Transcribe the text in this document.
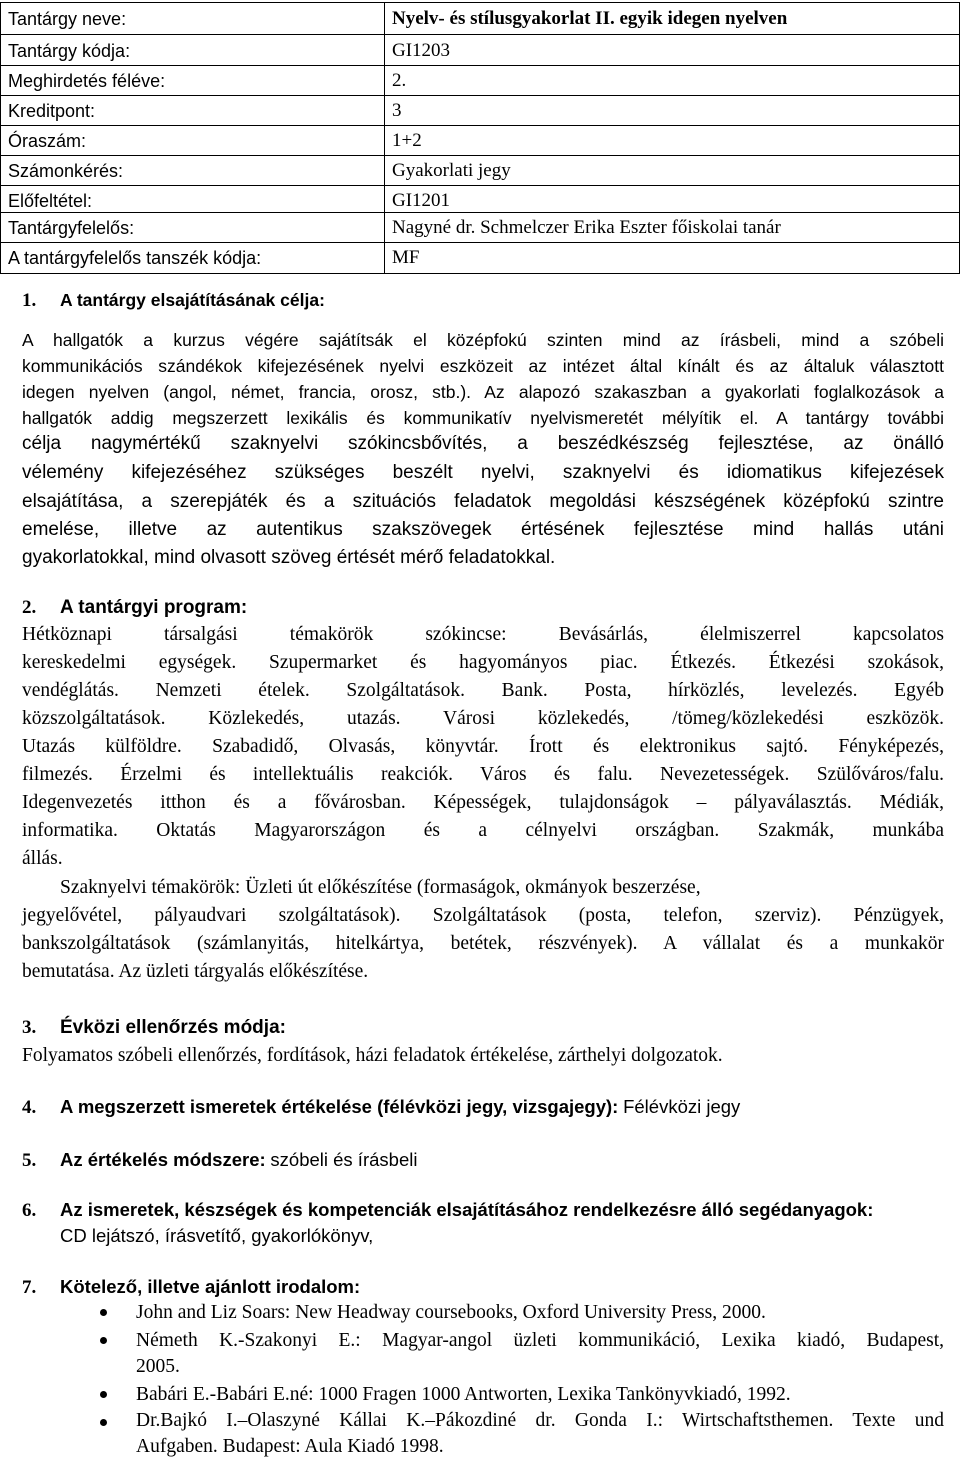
Tantárgy neve:	Nyelv- és stílusgyakorlat II. egyik idegen nyelven
Tantárgy kódja:	GI1203
Meghirdetés féléve:	2.
Kreditpont:	3
Óraszám:	1+2
Számonkérés:	Gyakorlati jegy
Előfeltétel:	GI1201
Tantárgyfelelős:	Nagyné dr. Schmelczer Erika Eszter főiskolai tanár
A tantárgyfelelős tanszék kódja:	MF
1. A tantárgy elsajátításának célja:
A hallgatók a kurzus végére sajátítsák el középfokú szinten mind az írásbeli, mind a szóbeli
kommunikációs szándékok kifejezésének nyelvi eszközeit az intézet által kínált és az általuk választott
idegen nyelven (angol, német, francia, orosz, stb.). Az alapozó szakaszban a gyakorlati foglalkozások a
hallgatók addig megszerzett lexikális és kommunikatív nyelvismeretét mélyítik el. A tantárgy további
célja nagymértékű szaknyelvi szókincsbővítés, a beszédkészség fejlesztése, az önálló
vélemény kifejezéséhez szükséges beszélt nyelvi, szaknyelvi és idiomatikus kifejezések
elsajátítása, a szerepjáték és a szituációs feladatok megoldási készségének középfokú szintre
emelése, illetve az autentikus szakszövegek értésének fejlesztése mind hallás utáni
gyakorlatokkal, mind olvasott szöveg értését mérő feladatokkal.
2. A tantárgyi program:
Hétköznapi társalgási témakörök szókincse: Bevásárlás, élelmiszerrel kapcsolatos
kereskedelmi egységek. Szupermarket és hagyományos piac. Étkezés. Étkezési szokások,
vendéglátás. Nemzeti ételek. Szolgáltatások. Bank. Posta, hírközlés, levelezés. Egyéb
közszolgáltatások. Közlekedés, utazás. Városi közlekedés, /tömeg/közlekedési eszközök.
Utazás külföldre. Szabadidő, Olvasás, könyvtár. Írott és elektronikus sajtó. Fényképezés,
filmezés. Érzelmi és intellektuális reakciók. Város és falu. Nevezetességek. Szülőváros/falu.
Idegenvezetés itthon és a fővárosban. Képességek, tulajdonságok – pályaválasztás. Médiák,
informatika. Oktatás Magyarországon és a célnyelvi országban. Szakmák, munkába
állás.
Szaknyelvi témakörök: Üzleti út előkészítése (formaságok, okmányok beszerzése,
jegyelővétel, pályaudvari szolgáltatások). Szolgáltatások (posta, telefon, szerviz). Pénzügyek,
bankszolgáltatások (számlanyitás, hitelkártya, betétek, részvények). A vállalat és a munkakör
bemutatása. Az üzleti tárgyalás előkészítése.
3. Évközi ellenőrzés módja:
Folyamatos szóbeli ellenőrzés, fordítások, házi feladatok értékelése, zárthelyi dolgozatok.
4. A megszerzett ismeretek értékelése (félévközi jegy, vizsgajegy): Félévközi jegy
5. Az értékelés módszere: szóbeli és írásbeli
6. Az ismeretek, készségek és kompetenciák elsajátításához rendelkezésre álló segédanyagok:
CD lejátszó, írásvetítő, gyakorlókönyv,
7. Kötelező, illetve ajánlott irodalom:
John and Liz Soars: New Headway coursebooks, Oxford University Press, 2000.
Németh K.-Szakonyi E.: Magyar-angol üzleti kommunikáció, Lexika kiadó, Budapest,
2005.
Babári E.-Babári E.né: 1000 Fragen 1000 Antworten, Lexika Tankönyvkiadó, 1992.
Dr.Bajkó I.–Olaszyné Kállai K.–Pákozdiné dr. Gonda I.: Wirtschaftsthemen. Texte und
Aufgaben. Budapest: Aula Kiadó 1998.
